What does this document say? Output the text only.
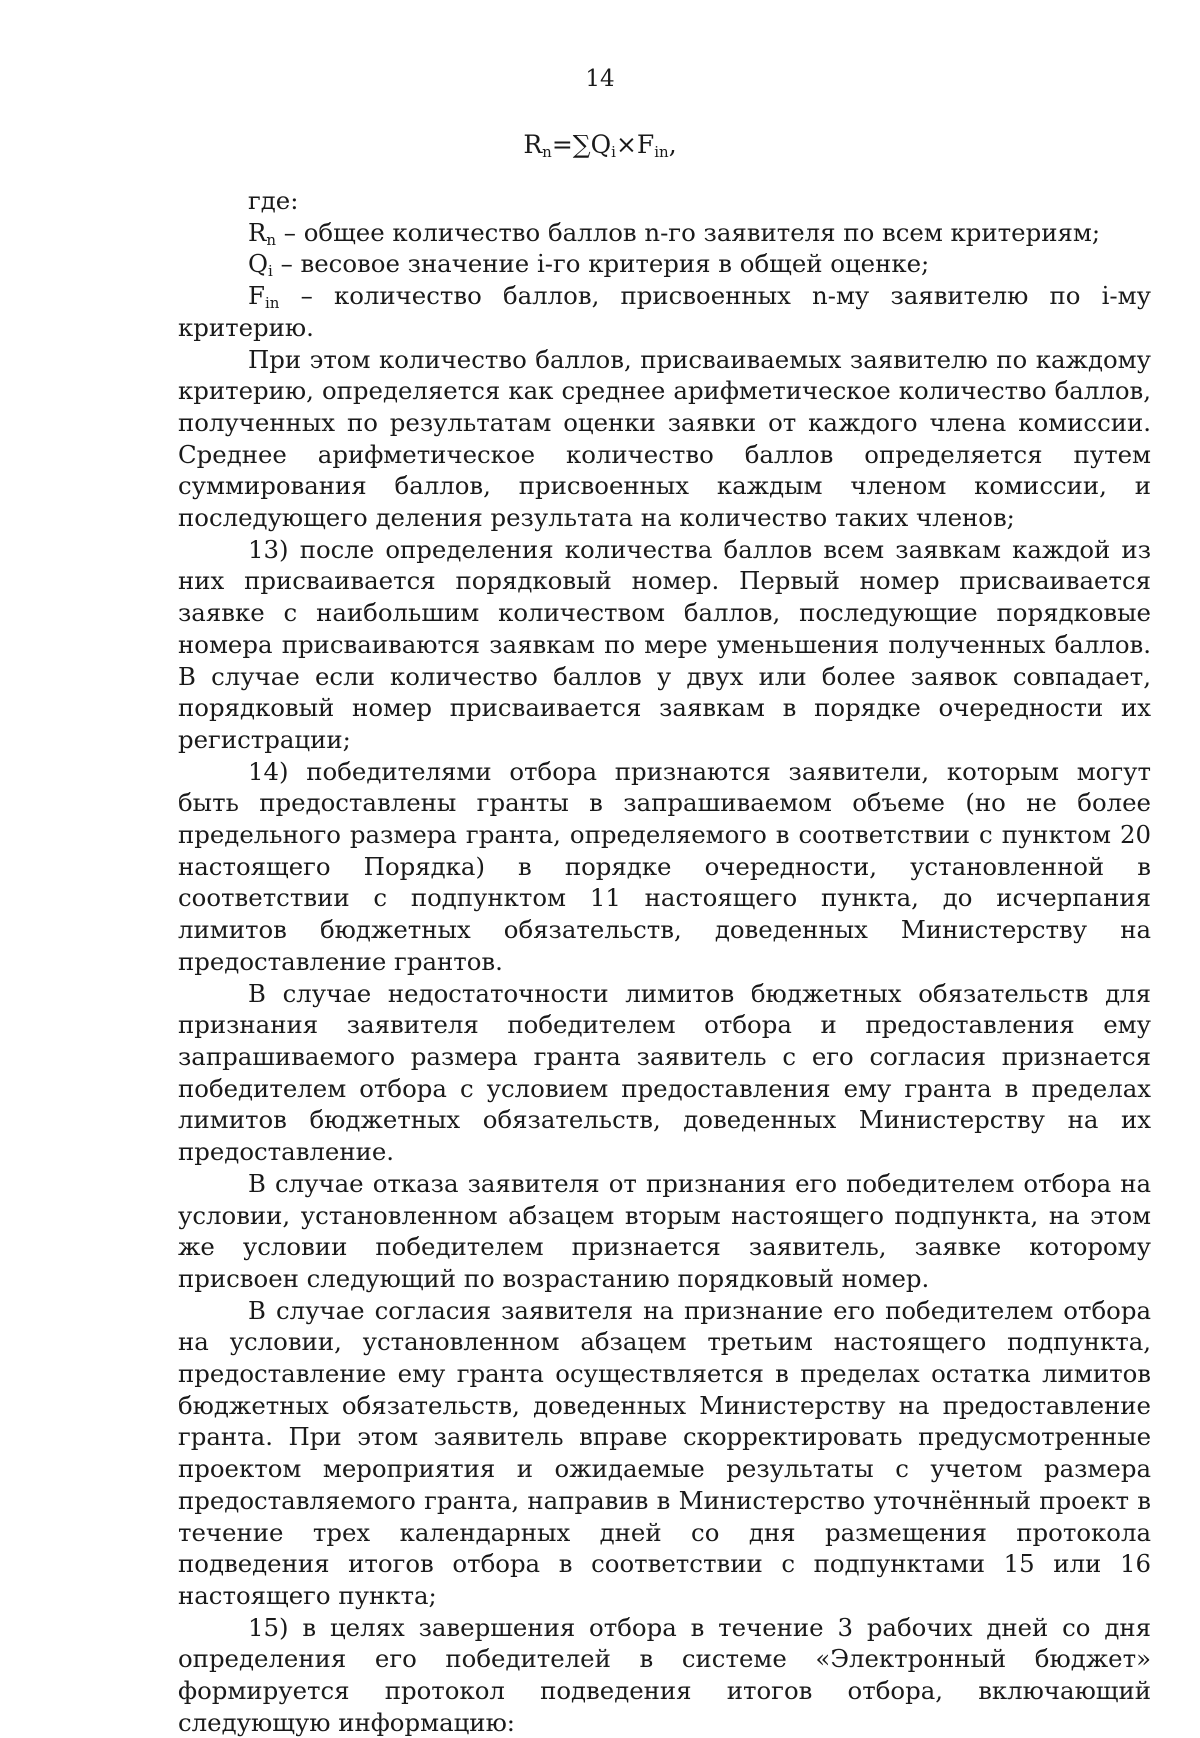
14
$R_n=\sum Q_i\times F_{in}$,

где:

$R_n$ – общее количество баллов n-го заявителя по всем критериям;

$Q_i$ – весовое значение i-го критерия в общей оценке;

$F_{in}$ – количество баллов, присвоенных n-му заявителю по i-му критерию.

При этом количество баллов, присваиваемых заявителю по каждому критерию, определяется как среднее арифметическое количество баллов, полученных по результатам оценки заявки от каждого члена комиссии. Среднее арифметическое количество баллов определяется путем суммирования баллов, присвоенных каждым членом комиссии, и последующего деления результата на количество таких членов;

13) после определения количества баллов всем заявкам каждой из них присваивается порядковый номер. Первый номер присваивается заявке с наибольшим количеством баллов, последующие порядковые номера присваиваются заявкам по мере уменьшения полученных баллов. В случае если количество баллов у двух или более заявок совпадает, порядковый номер присваивается заявкам в порядке очередности их регистрации;

14) победителями отбора признаются заявители, которым могут быть предоставлены гранты в запрашиваемом объеме (но не более предельного размера гранта, определяемого в соответствии с пунктом 20 настоящего Порядка) в порядке очередности, установленной в соответствии с подпунктом 11 настоящего пункта, до исчерпания лимитов бюджетных обязательств, доведенных Министерству на предоставление грантов.

В случае недостаточности лимитов бюджетных обязательств для признания заявителя победителем отбора и предоставления ему запрашиваемого размера гранта заявитель с его согласия признается победителем отбора с условием предоставления ему гранта в пределах лимитов бюджетных обязательств, доведенных Министерству на их предоставление.

В случае отказа заявителя от признания его победителем отбора на условии, установленном абзацем вторым настоящего подпункта, на этом же условии победителем признается заявитель, заявке которому присвоен следующий по возрастанию порядковый номер.

В случае согласия заявителя на признание его победителем отбора на условии, установленном абзацем третьим настоящего подпункта, предоставление ему гранта осуществляется в пределах остатка лимитов бюджетных обязательств, доведенных Министерству на предоставление гранта. При этом заявитель вправе скорректировать предусмотренные проектом мероприятия и ожидаемые результаты с учетом размера предоставляемого гранта, направив в Министерство уточнённый проект в течение трех календарных дней со дня размещения протокола подведения итогов отбора в соответствии с подпунктами 15 или 16 настоящего пункта;

15) в целях завершения отбора в течение 3 рабочих дней со дня определения его победителей в системе «Электронный бюджет» формируется протокол подведения итогов отбора, включающий следующую информацию:
